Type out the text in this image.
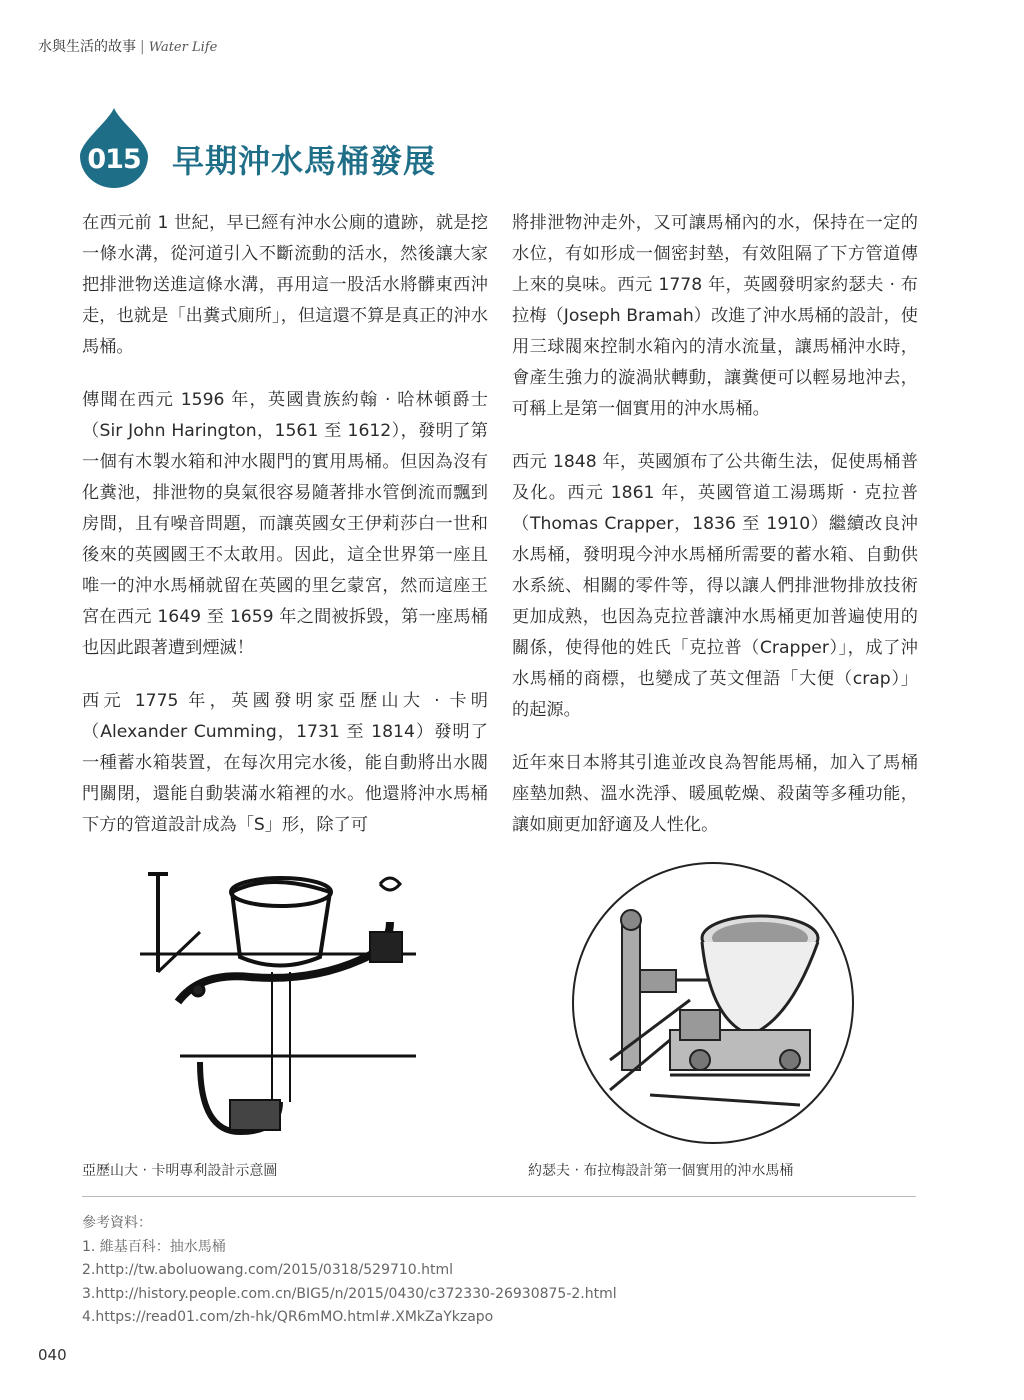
水與生活的故事 | Water Life
015 早期沖水馬桶發展

在西元前 1 世紀，早已經有沖水公廁的遺跡，就是挖一條水溝，從河道引入不斷流動的活水，然後讓大家把排泄物送進這條水溝，再用這一股活水將髒東西沖走，也就是「出糞式廁所」，但這還不算是真正的沖水馬桶。

傳聞在西元 1596 年，英國貴族約翰 ‧ 哈林頓爵士（Sir John Harington，1561 至 1612），發明了第一個有木製水箱和沖水閥門的實用馬桶。但因為沒有化糞池，排泄物的臭氣很容易隨著排水管倒流而飄到房間，且有噪音問題，而讓英國女王伊莉莎白一世和後來的英國國王不太敢用。因此，這全世界第一座且唯一的沖水馬桶就留在英國的里乞蒙宮，然而這座王宮在西元 1649 至 1659 年之間被拆毀，第一座馬桶也因此跟著遭到煙滅！

西元 1775 年，英國發明家亞歷山大 ‧ 卡明（Alexander Cumming，1731 至 1814）發明了一種蓄水箱裝置，在每次用完水後，能自動將出水閥門關閉，還能自動裝滿水箱裡的水。他還將沖水馬桶下方的管道設計成為「S」形，除了可

將排泄物沖走外，又可讓馬桶內的水，保持在一定的水位，有如形成一個密封墊，有效阻隔了下方管道傳上來的臭味。西元 1778 年，英國發明家約瑟夫 ‧ 布拉梅（Joseph Bramah）改進了沖水馬桶的設計，使用三球閥來控制水箱內的清水流量，讓馬桶沖水時，會產生強力的漩渦狀轉動，讓糞便可以輕易地沖去，可稱上是第一個實用的沖水馬桶。

西元 1848 年，英國頒布了公共衛生法，促使馬桶普及化。西元 1861 年，英國管道工湯瑪斯 ‧ 克拉普（Thomas Crapper，1836 至 1910）繼續改良沖水馬桶，發明現今沖水馬桶所需要的蓄水箱、自動供水系統、相關的零件等，得以讓人們排泄物排放技術更加成熟，也因為克拉普讓沖水馬桶更加普遍使用的關係，使得他的姓氏「克拉普（Crapper）」，成了沖水馬桶的商標，也變成了英文俚語「大便（crap）」的起源。

近年來日本將其引進並改良為智能馬桶，加入了馬桶座墊加熱、溫水洗淨、暖風乾燥、殺菌等多種功能，讓如廁更加舒適及人性化。

亞歷山大 ‧ 卡明專利設計示意圖	約瑟夫 ‧ 布拉梅設計第一個實用的沖水馬桶
參考資料：
1. 維基百科：抽水馬桶
2.http://tw.aboluowang.com/2015/0318/529710.html
3.http://history.people.com.cn/BIG5/n/2015/0430/c372330-26930875-2.html
4.https://read01.com/zh-hk/QR6mMO.html#.XMkZaYkzapo
040
